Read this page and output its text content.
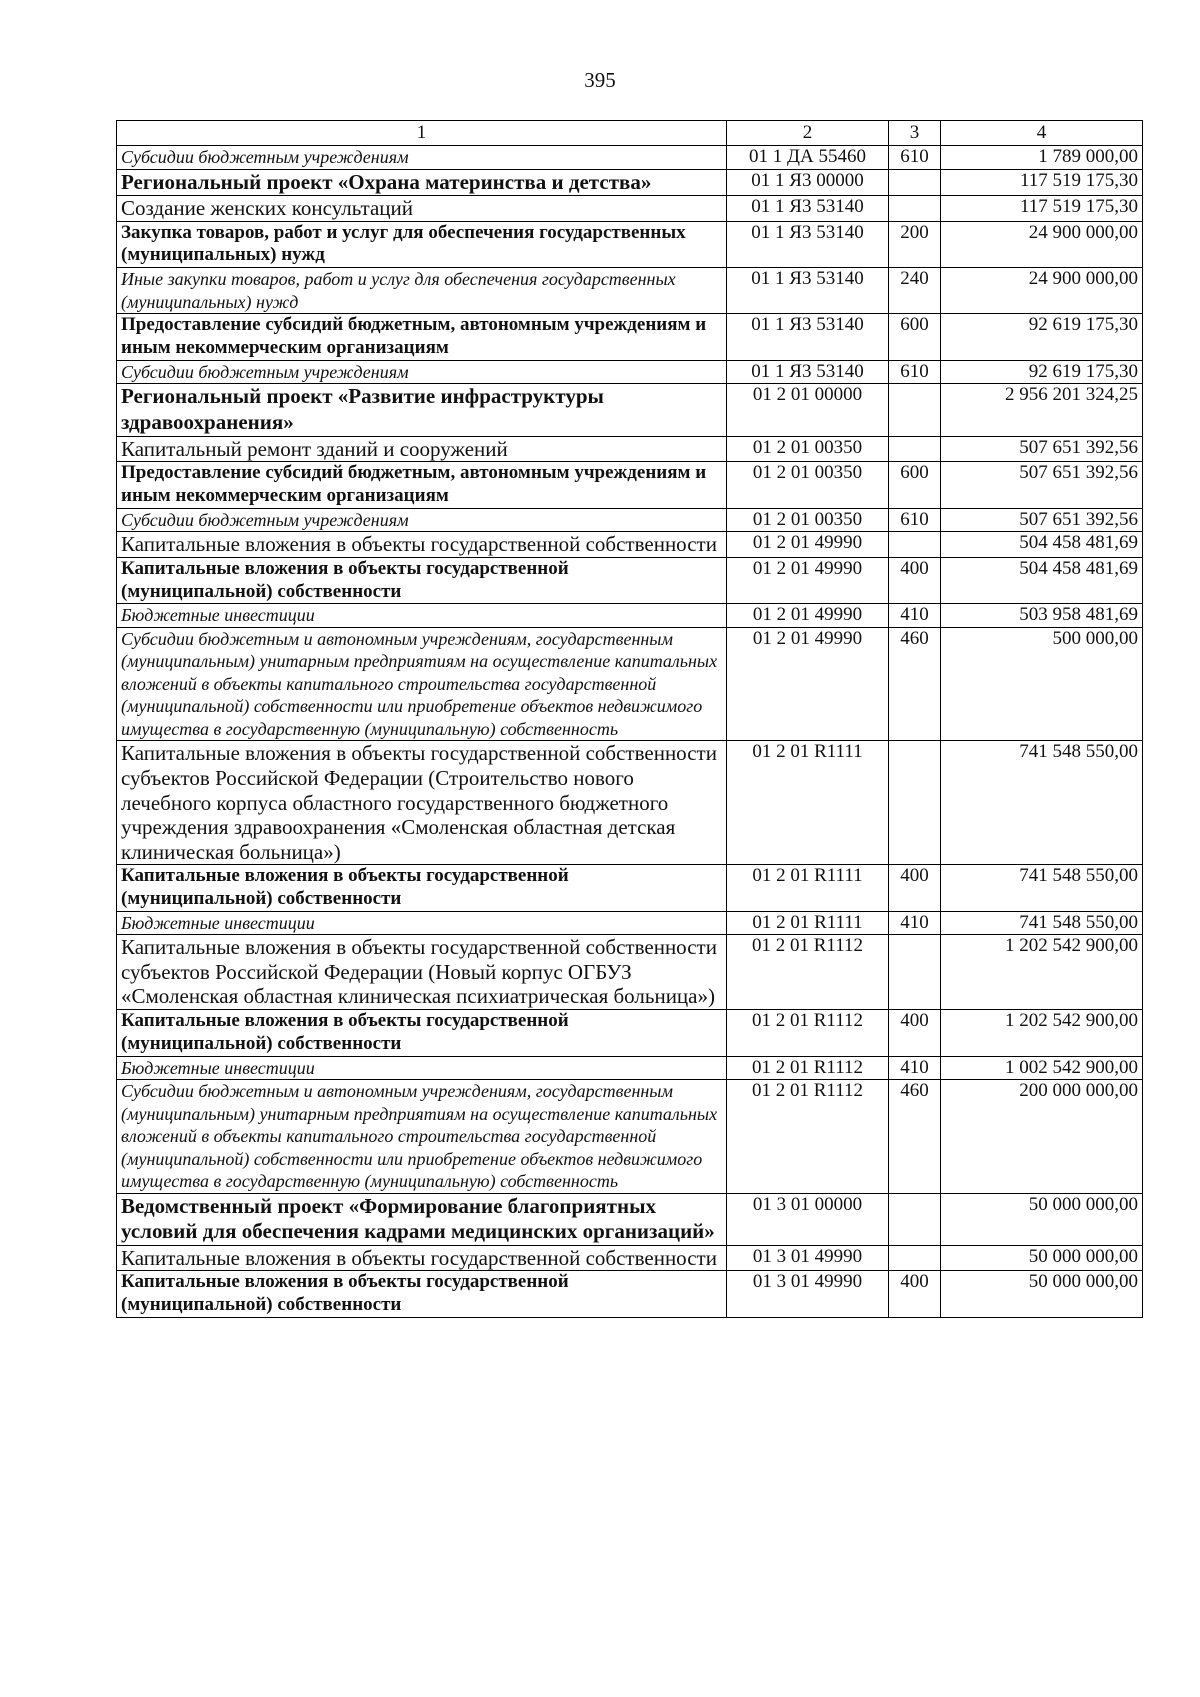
395
1	2	3	4
Субсидии бюджетным учреждениям	01 1 ДА 55460	610	1 789 000,00
Региональный проект «Охрана материнства и детства»	01 1 Я3 00000		117 519 175,30
Создание женских консультаций	01 1 Я3 53140		117 519 175,30
Закупка товаров, работ и услуг для обеспечения государственных (муниципальных) нужд	01 1 Я3 53140	200	24 900 000,00
Иные закупки товаров, работ и услуг для обеспечения государственных (муниципальных) нужд	01 1 Я3 53140	240	24 900 000,00
Предоставление субсидий бюджетным, автономным учреждениям и иным некоммерческим организациям	01 1 Я3 53140	600	92 619 175,30
Субсидии бюджетным учреждениям	01 1 Я3 53140	610	92 619 175,30
Региональный проект «Развитие инфраструктуры здравоохранения»	01 2 01 00000		2 956 201 324,25
Капитальный ремонт зданий и сооружений	01 2 01 00350		507 651 392,56
Предоставление субсидий бюджетным, автономным учреждениям и иным некоммерческим организациям	01 2 01 00350	600	507 651 392,56
Субсидии бюджетным учреждениям	01 2 01 00350	610	507 651 392,56
Капитальные вложения в объекты государственной собственности	01 2 01 49990		504 458 481,69
Капитальные вложения в объекты государственной (муниципальной) собственности	01 2 01 49990	400	504 458 481,69
Бюджетные инвестиции	01 2 01 49990	410	503 958 481,69
Субсидии бюджетным и автономным учреждениям, государственным (муниципальным) унитарным предприятиям на осуществление капитальных вложений в объекты капитального строительства государственной (муниципальной) собственности или приобретение объектов недвижимого имущества в государственную (муниципальную) собственность	01 2 01 49990	460	500 000,00
Капитальные вложения в объекты государственной собственности субъектов Российской Федерации (Строительство нового лечебного корпуса областного государственного бюджетного учреждения здравоохранения «Смоленская областная детская клиническая больница»)	01 2 01 R1111		741 548 550,00
Капитальные вложения в объекты государственной (муниципальной) собственности	01 2 01 R1111	400	741 548 550,00
Бюджетные инвестиции	01 2 01 R1111	410	741 548 550,00
Капитальные вложения в объекты государственной собственности субъектов Российской Федерации (Новый корпус ОГБУЗ «Смоленская областная клиническая психиатрическая больница»)	01 2 01 R1112		1 202 542 900,00
Капитальные вложения в объекты государственной (муниципальной) собственности	01 2 01 R1112	400	1 202 542 900,00
Бюджетные инвестиции	01 2 01 R1112	410	1 002 542 900,00
Субсидии бюджетным и автономным учреждениям, государственным (муниципальным) унитарным предприятиям на осуществление капитальных вложений в объекты капитального строительства государственной (муниципальной) собственности или приобретение объектов недвижимого имущества в государственную (муниципальную) собственность	01 2 01 R1112	460	200 000 000,00
Ведомственный проект «Формирование благоприятных условий для обеспечения кадрами медицинских организаций»	01 3 01 00000		50 000 000,00
Капитальные вложения в объекты государственной собственности	01 3 01 49990		50 000 000,00
Капитальные вложения в объекты государственной (муниципальной) собственности	01 3 01 49990	400	50 000 000,00
